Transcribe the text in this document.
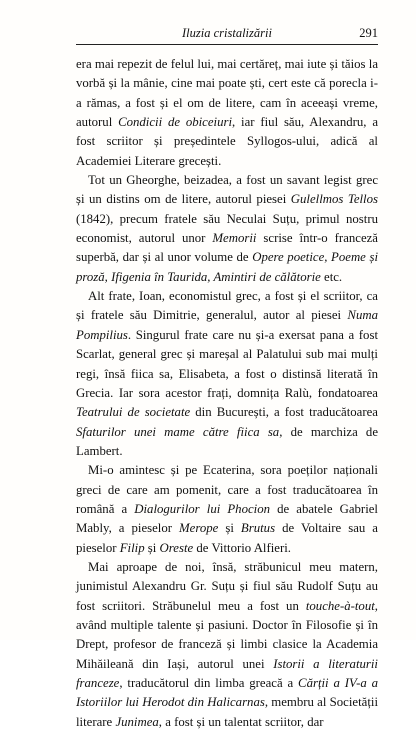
Iluzia cristalizării	291

era mai repezit de felul lui, mai certăreț, mai iute și tăios la vorbă și la mânie, cine mai poate ști, cert este că porecla i-a rămas, a fost și el om de litere, cam în aceeași vreme, autorul Condicii de obiceiuri, iar fiul său, Alexandru, a fost scriitor și președintele Syllogos-ului, adică al Academiei Literare grecești.

Tot un Gheorghe, beizadea, a fost un savant legist grec și un distins om de litere, autorul piesei Gulellmos Tellos (1842), precum fratele său Neculai Suțu, primul nostru economist, autorul unor Memorii scrise într-o franceză superbă, dar și al unor volume de Opere poetice, Poeme și proză, Ifigenia în Taurida, Amintiri de călătorie etc.

Alt frate, Ioan, economistul grec, a fost și el scriitor, ca și fratele său Dimitrie, generalul, autor al piesei Numa Pompilius. Singurul frate care nu și-a exersat pana a fost Scarlat, general grec și mareșal al Palatului sub mai mulți regi, însă fiica sa, Elisabeta, a fost o distinsă literată în Grecia. Iar sora acestor frați, domnița Ralù, fondatoarea Teatrului de societate din București, a fost traducătoarea Sfaturilor unei mame către fiica sa, de marchiza de Lambert.

Mi-o amintesc și pe Ecaterina, sora poeților naționali greci de care am pomenit, care a fost traducătoarea în română a Dialogurilor lui Phocion de abatele Gabriel Mably, a pieselor Merope și Brutus de Voltaire sau a pieselor Filip și Oreste de Vittorio Alfieri.

Mai aproape de noi, însă, străbunicul meu matern, junimistul Alexandru Gr. Suțu și fiul său Rudolf Suțu au fost scriitori. Străbunelul meu a fost un touche-à-tout, având multiple talente și pasiuni. Doctor în Filosofie și în Drept, profesor de franceză și limbi clasice la Academia Mihăileană din Iași, autorul unei Istorii a literaturii franceze, traducătorul din limba greacă a Cărții a IV-a a Istoriilor lui Herodot din Halicarnas, membru al Societății literare Junimea, a fost și un talentat scriitor, dar
